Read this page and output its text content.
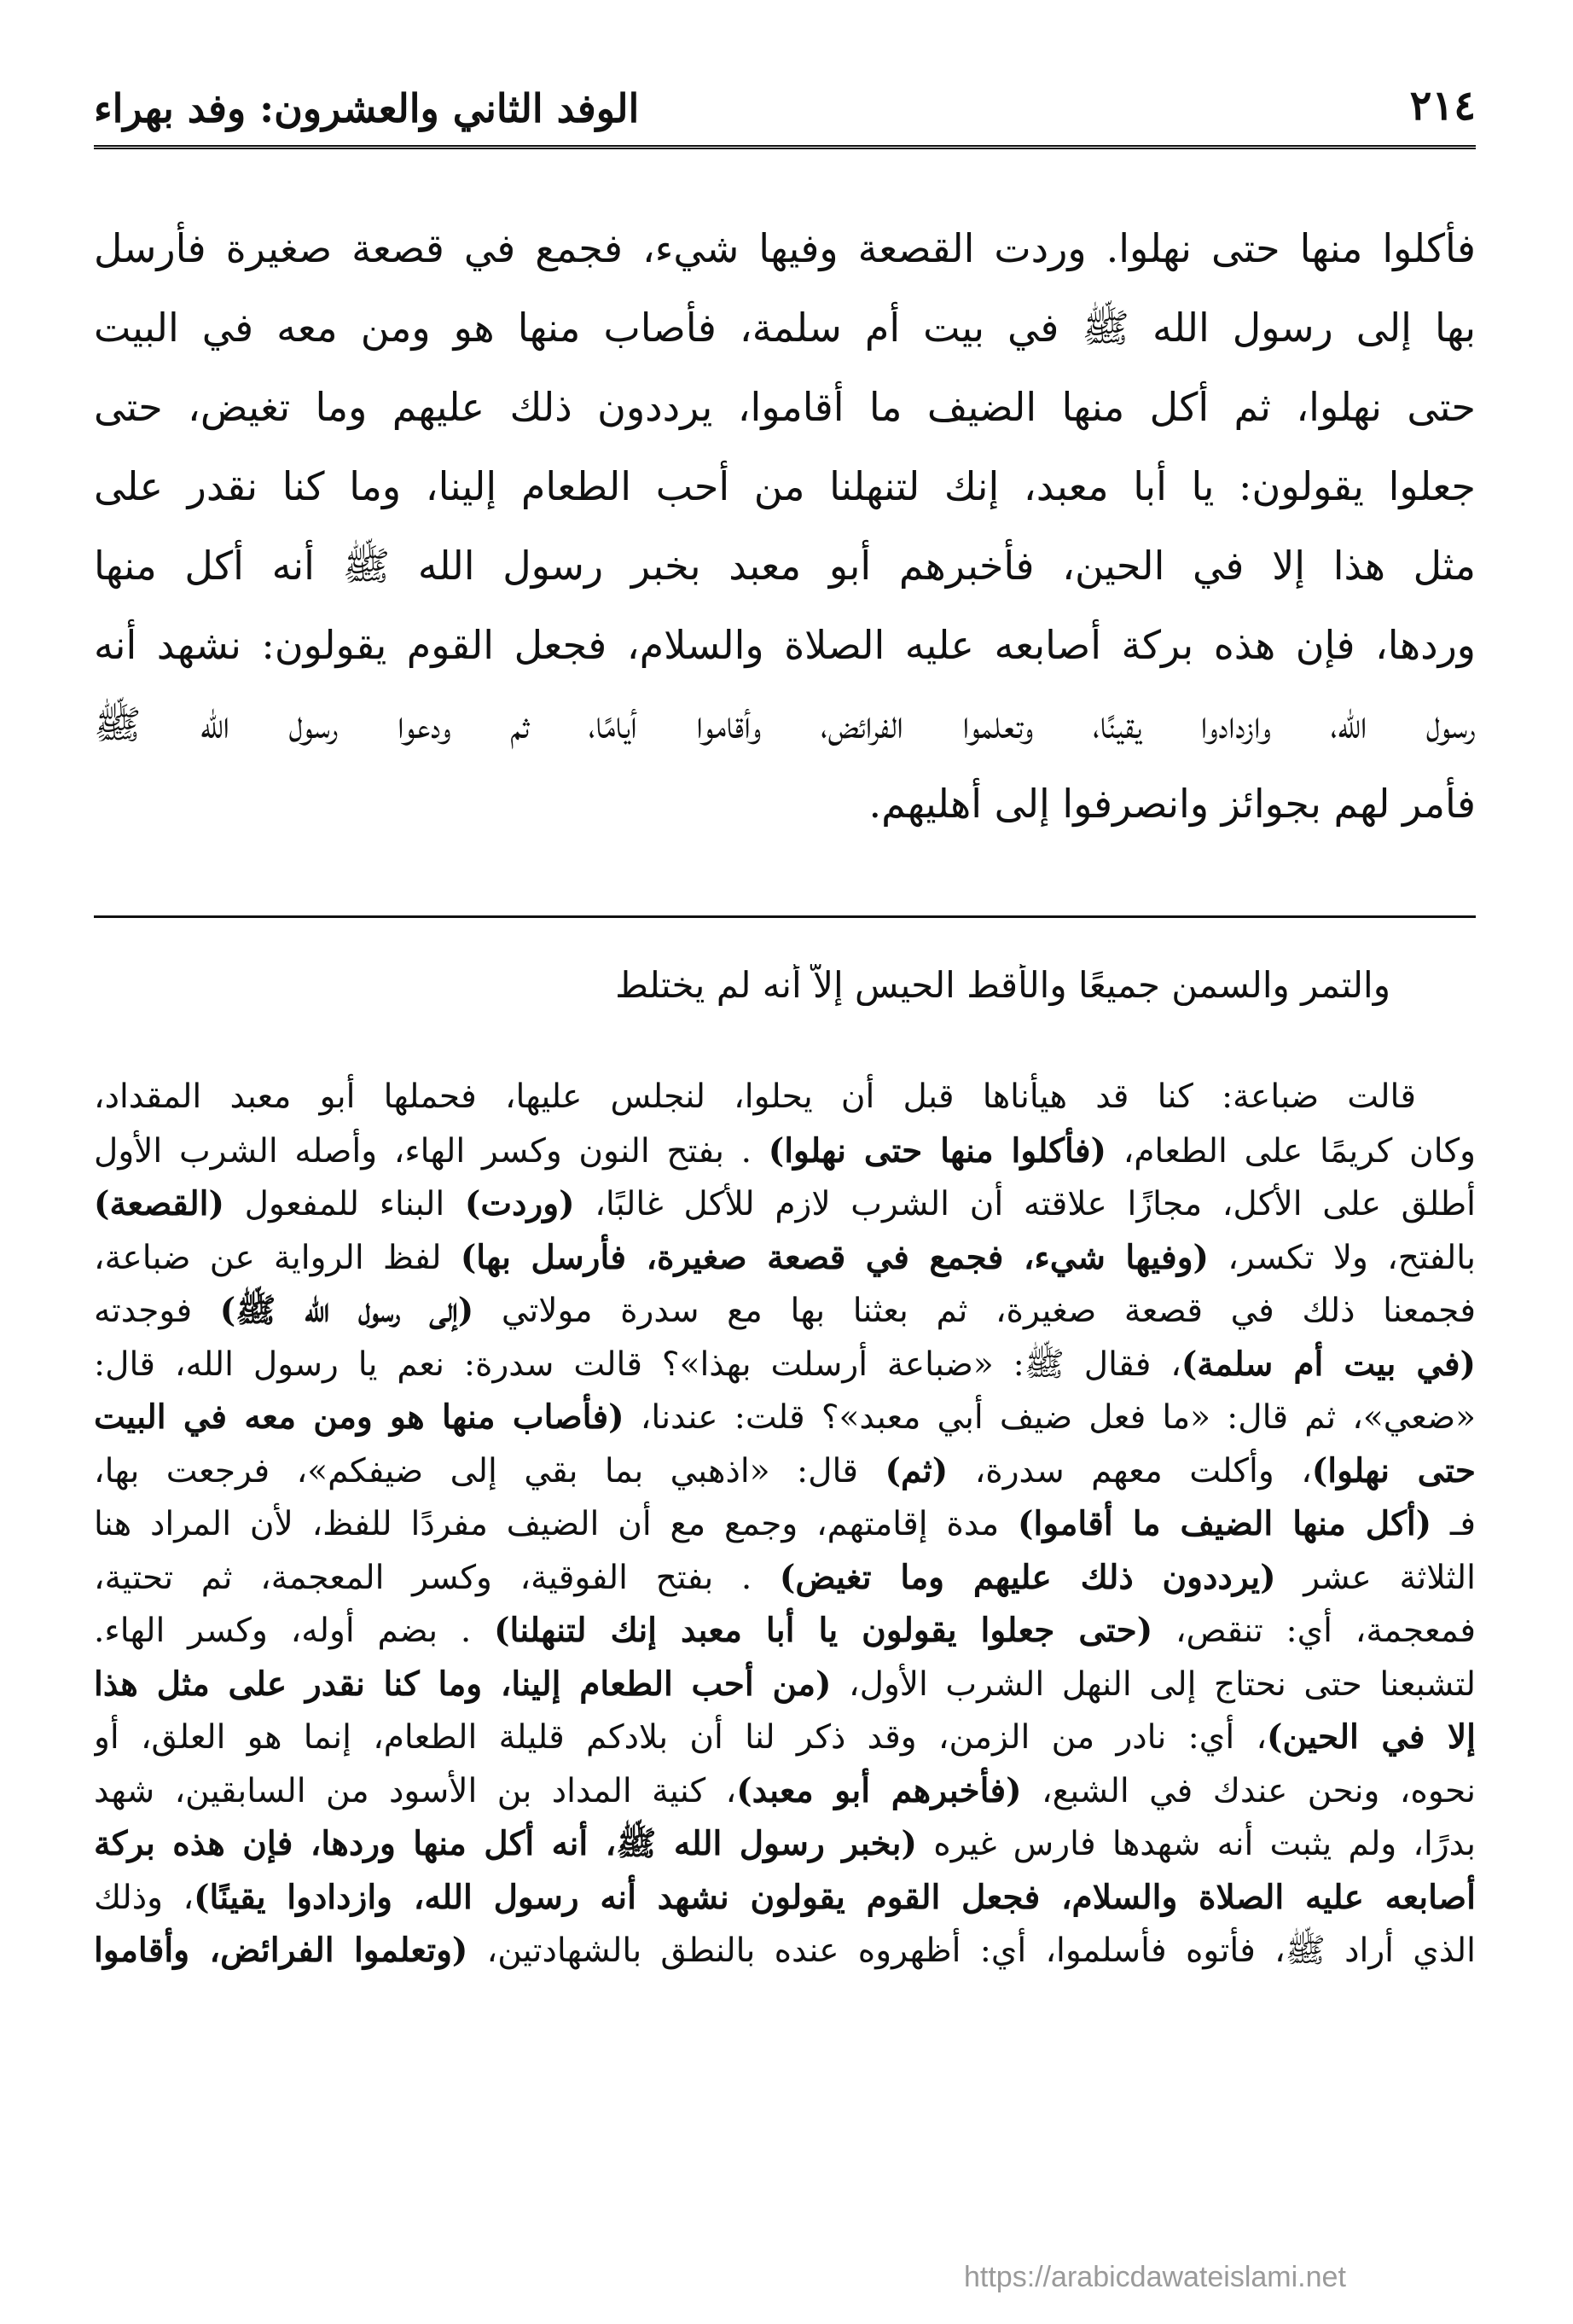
٢١٤
الوفد الثاني والعشرون: وفد بهراء
فأكلوا منها حتى نهلوا. وردت القصعة وفيها شيء، فجمع في قصعة صغيرة فأرسل
بها إلى رسول الله ﷺ في بيت أم سلمة، فأصاب منها هو ومن معه في البيت
حتى نهلوا، ثم أكل منها الضيف ما أقاموا، يرددون ذلك عليهم وما تغيض، حتى
جعلوا يقولون: يا أبا معبد، إنك لتنهلنا من أحب الطعام إلينا، وما كنا نقدر على
مثل هذا إلا في الحين، فأخبرهم أبو معبد بخبر رسول الله ﷺ أنه أكل منها
وردها، فإن هذه بركة أصابعه عليه الصلاة والسلام، فجعل القوم يقولون: نشهد أنه
رسول الله، وازدادوا يقينًا، وتعلموا الفرائض، وأقاموا أيامًا، ثم ودعوا رسول الله ﷺ
فأمر لهم بجوائز وانصرفوا إلى أهليهم.
والتمر والسمن جميعًا والأقط الحيس إلاّ أنه لم يختلط
قالت ضباعة: كنا قد هيأناها قبل أن يحلوا، لنجلس عليها، فحملها أبو معبد المقداد،
وكان كريمًا على الطعام، (فأكلوا منها حتى نهلوا) . بفتح النون وكسر الهاء، وأصله الشرب الأول
أطلق على الأكل، مجازًا علاقته أن الشرب لازم للأكل غالبًا، (وردت) البناء للمفعول (القصعة)
بالفتح، ولا تكسر، (وفيها شيء، فجمع في قصعة صغيرة، فأرسل بها) لفظ الرواية عن ضباعة،
فجمعنا ذلك في قصعة صغيرة، ثم بعثنا بها مع سدرة مولاتي (إلى رسول الله ﷺ) فوجدته
(في بيت أم سلمة)، فقال ﷺ: «ضباعة أرسلت بهذا»؟ قالت سدرة: نعم يا رسول الله، قال:
«ضعي»، ثم قال: «ما فعل ضيف أبي معبد»؟ قلت: عندنا، (فأصاب منها هو ومن معه في البيت
حتى نهلوا)، وأكلت معهم سدرة، (ثم) قال: «اذهبي بما بقي إلى ضيفكم»، فرجعت بها،
فـ (أكل منها الضيف ما أقاموا) مدة إقامتهم، وجمع مع أن الضيف مفردًا للفظ، لأن المراد هنا
الثلاثة عشر (يرددون ذلك عليهم وما تغيض) . بفتح الفوقية، وكسر المعجمة، ثم تحتية،
فمعجمة، أي: تنقص، (حتى جعلوا يقولون يا أبا معبد إنك لتنهلنا) . بضم أوله، وكسر الهاء.
لتشبعنا حتى نحتاج إلى النهل الشرب الأول، (من أحب الطعام إلينا، وما كنا نقدر على مثل هذا
إلا في الحين)، أي: نادر من الزمن، وقد ذكر لنا أن بلادكم قليلة الطعام، إنما هو العلق، أو
نحوه، ونحن عندك في الشبع، (فأخبرهم أبو معبد)، كنية المداد بن الأسود من السابقين، شهد
بدرًا، ولم يثبت أنه شهدها فارس غيره (بخبر رسول الله ﷺ، أنه أكل منها وردها، فإن هذه بركة
أصابعه عليه الصلاة والسلام، فجعل القوم يقولون نشهد أنه رسول الله، وازدادوا يقينًا)، وذلك
الذي أراد ﷺ، فأتوه فأسلموا، أي: أظهروه عنده بالنطق بالشهادتين، (وتعلموا الفرائض، وأقاموا
https://arabicdawateislami.net
